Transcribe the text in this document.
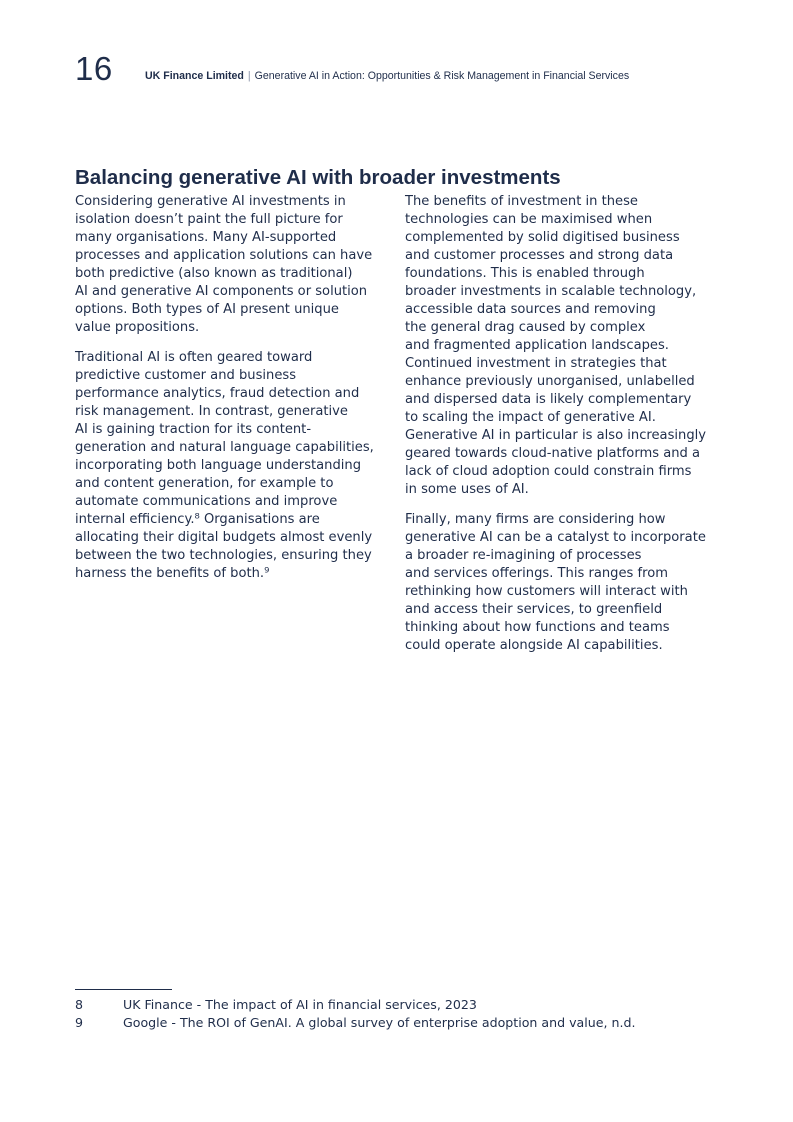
16	UK Finance Limited | Generative AI in Action: Opportunities & Risk Management in Financial Services
Balancing generative AI with broader investments

Considering generative AI investments in
isolation doesn’t paint the full picture for
many organisations. Many AI-supported
processes and application solutions can have
both predictive (also known as traditional)
AI and generative AI components or solution
options. Both types of AI present unique
value propositions.

Traditional AI is often geared toward
predictive customer and business
performance analytics, fraud detection and
risk management. In contrast, generative
AI is gaining traction for its content-
generation and natural language capabilities,
incorporating both language understanding
and content generation, for example to
automate communications and improve
internal efficiency.⁸ Organisations are
allocating their digital budgets almost evenly
between the two technologies, ensuring they
harness the benefits of both.⁹

The benefits of investment in these
technologies can be maximised when
complemented by solid digitised business
and customer processes and strong data
foundations. This is enabled through
broader investments in scalable technology,
accessible data sources and removing
the general drag caused by complex
and fragmented application landscapes.
Continued investment in strategies that
enhance previously unorganised, unlabelled
and dispersed data is likely complementary
to scaling the impact of generative AI.
Generative AI in particular is also increasingly
geared towards cloud-native platforms and a
lack of cloud adoption could constrain firms
in some uses of AI.

Finally, many firms are considering how
generative AI can be a catalyst to incorporate
a broader re-imagining of processes
and services offerings. This ranges from
rethinking how customers will interact with
and access their services, to greenfield
thinking about how functions and teams
could operate alongside AI capabilities.

8	UK Finance - The impact of AI in financial services, 2023
9	Google - The ROI of GenAI. A global survey of enterprise adoption and value, n.d.
